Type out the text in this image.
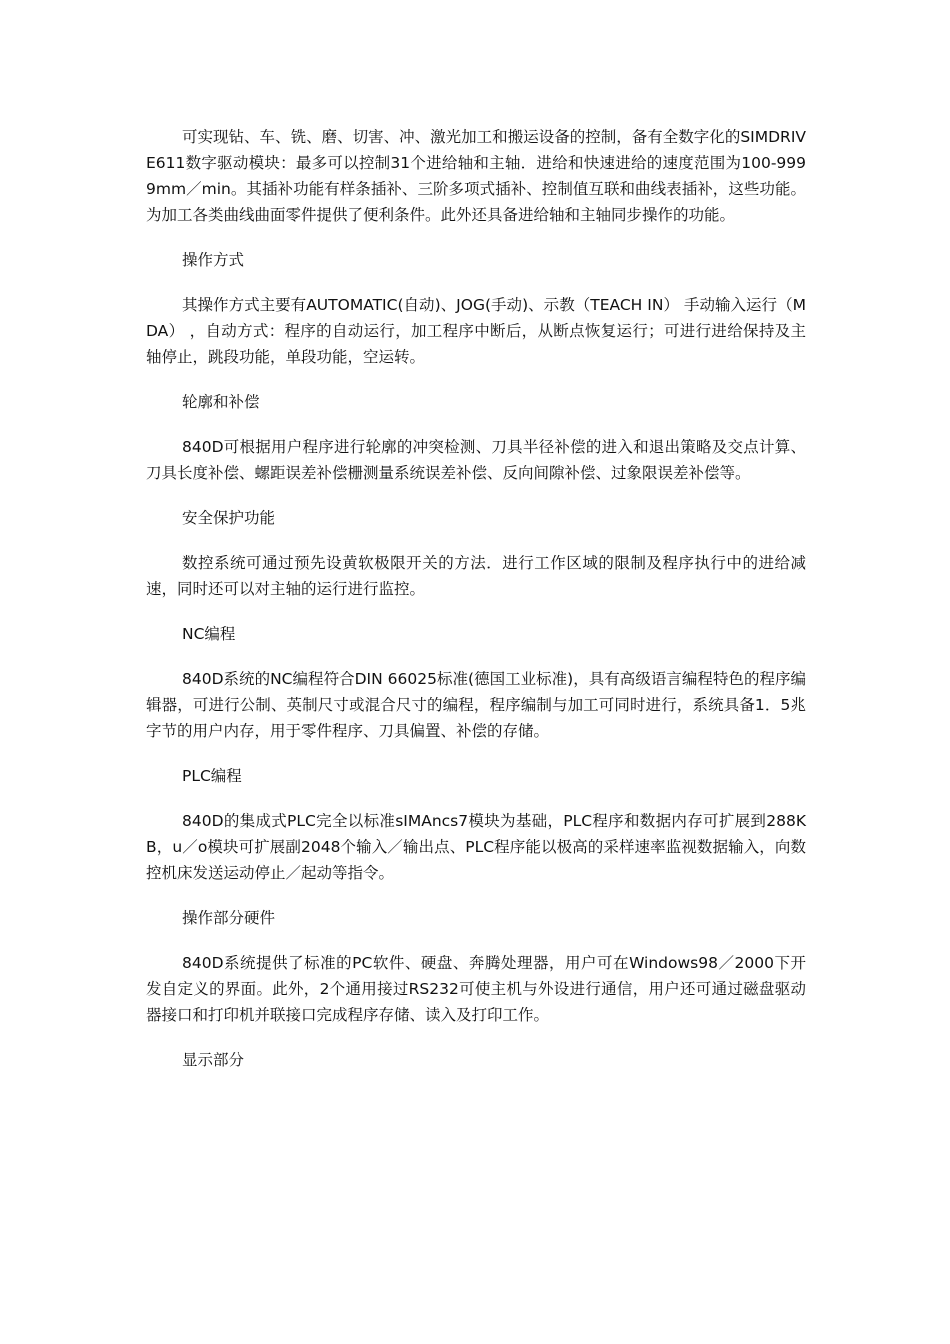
可实现钻、车、铣、磨、切害、冲、激光加工和搬运设备的控制，备有全数字化的SIMDRIVE611数字驱动模块：最多可以控制31个进给轴和主轴．进给和快速进给的速度范围为100-9999mm／min。其插补功能有样条插补、三阶多项式插补、控制值互联和曲线表插补，这些功能。为加工各类曲线曲面零件提供了便利条件。此外还具备进给轴和主轴同步操作的功能。

操作方式

其操作方式主要有AUTOMATIC(自动)、JOG(手动)、示教（TEACH IN） 手动输入运行（MDA） ，自动方式：程序的自动运行，加工程序中断后，从断点恢复运行；可进行进给保持及主轴停止，跳段功能，单段功能，空运转。

轮廓和补偿

840D可根据用户程序进行轮廓的冲突检测、刀具半径补偿的进入和退出策略及交点计算、刀具长度补偿、螺距误差补偿栅测量系统误差补偿、反向间隙补偿、过象限误差补偿等。

安全保护功能

数控系统可通过预先设黄软极限开关的方法．进行工作区域的限制及程序执行中的进给减速，同时还可以对主轴的运行进行监控。

NC编程

840D系统的NC编程符合DIN 66025标准(德国工业标准)，具有高级语言编程特色的程序编辑器，可进行公制、英制尺寸或混合尺寸的编程，程序编制与加工可同时进行，系统具备1．5兆字节的用户内存，用于零件程序、刀具偏置、补偿的存储。

PLC编程

840D的集成式PLC完全以标准sIMAncs7模块为基础，PLC程序和数据内存可扩展到288KB，u／o模块可扩展副2048个输入／输出点、PLC程序能以极高的采样速率监视数据输入，向数控机床发送运动停止／起动等指令。

操作部分硬件

840D系统提供了标准的PC软件、硬盘、奔腾处理器，用户可在Windows98／2000下开发自定义的界面。此外，2个通用接过RS232可使主机与外设进行通信，用户还可通过磁盘驱动器接口和打印机并联接口完成程序存储、读入及打印工作。

显示部分
